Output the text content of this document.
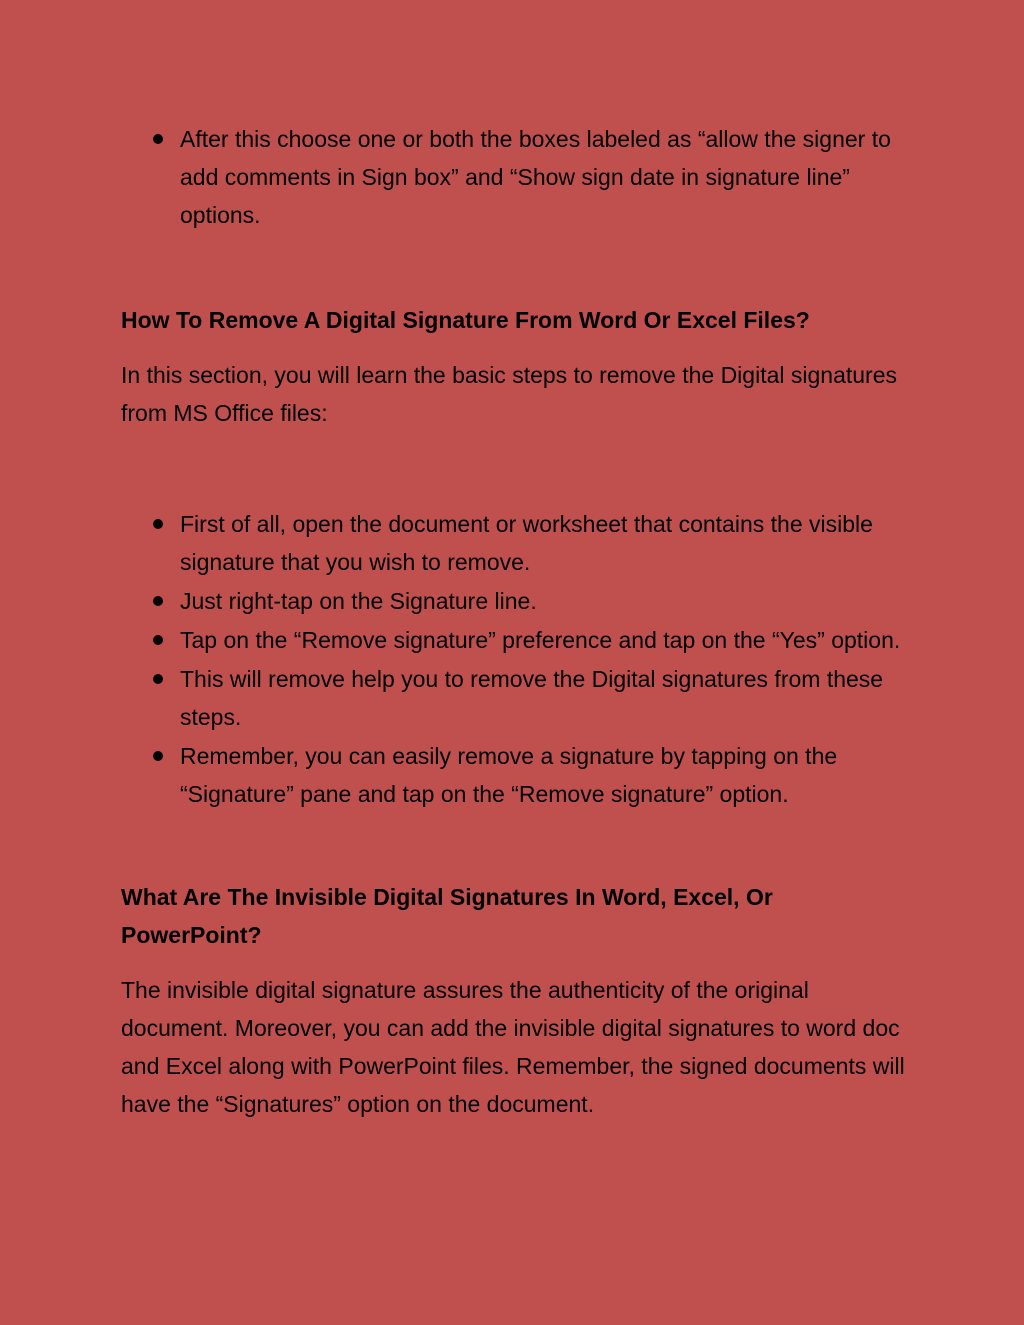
After this choose one or both the boxes labeled as “allow the signer to add comments in Sign box” and “Show sign date in signature line” options.

How To Remove A Digital Signature From Word Or Excel Files?

In this section, you will learn the basic steps to remove the Digital signatures from MS Office files:

First of all, open the document or worksheet that contains the visible signature that you wish to remove.
Just right-tap on the Signature line.
Tap on the “Remove signature” preference and tap on the “Yes” option.
This will remove help you to remove the Digital signatures from these steps.
Remember, you can easily remove a signature by tapping on the “Signature” pane and tap on the “Remove signature” option.

What Are The Invisible Digital Signatures In Word, Excel, Or PowerPoint?

The invisible digital signature assures the authenticity of the original document. Moreover, you can add the invisible digital signatures to word doc and Excel along with PowerPoint files. Remember, the signed documents will have the “Signatures” option on the document.
